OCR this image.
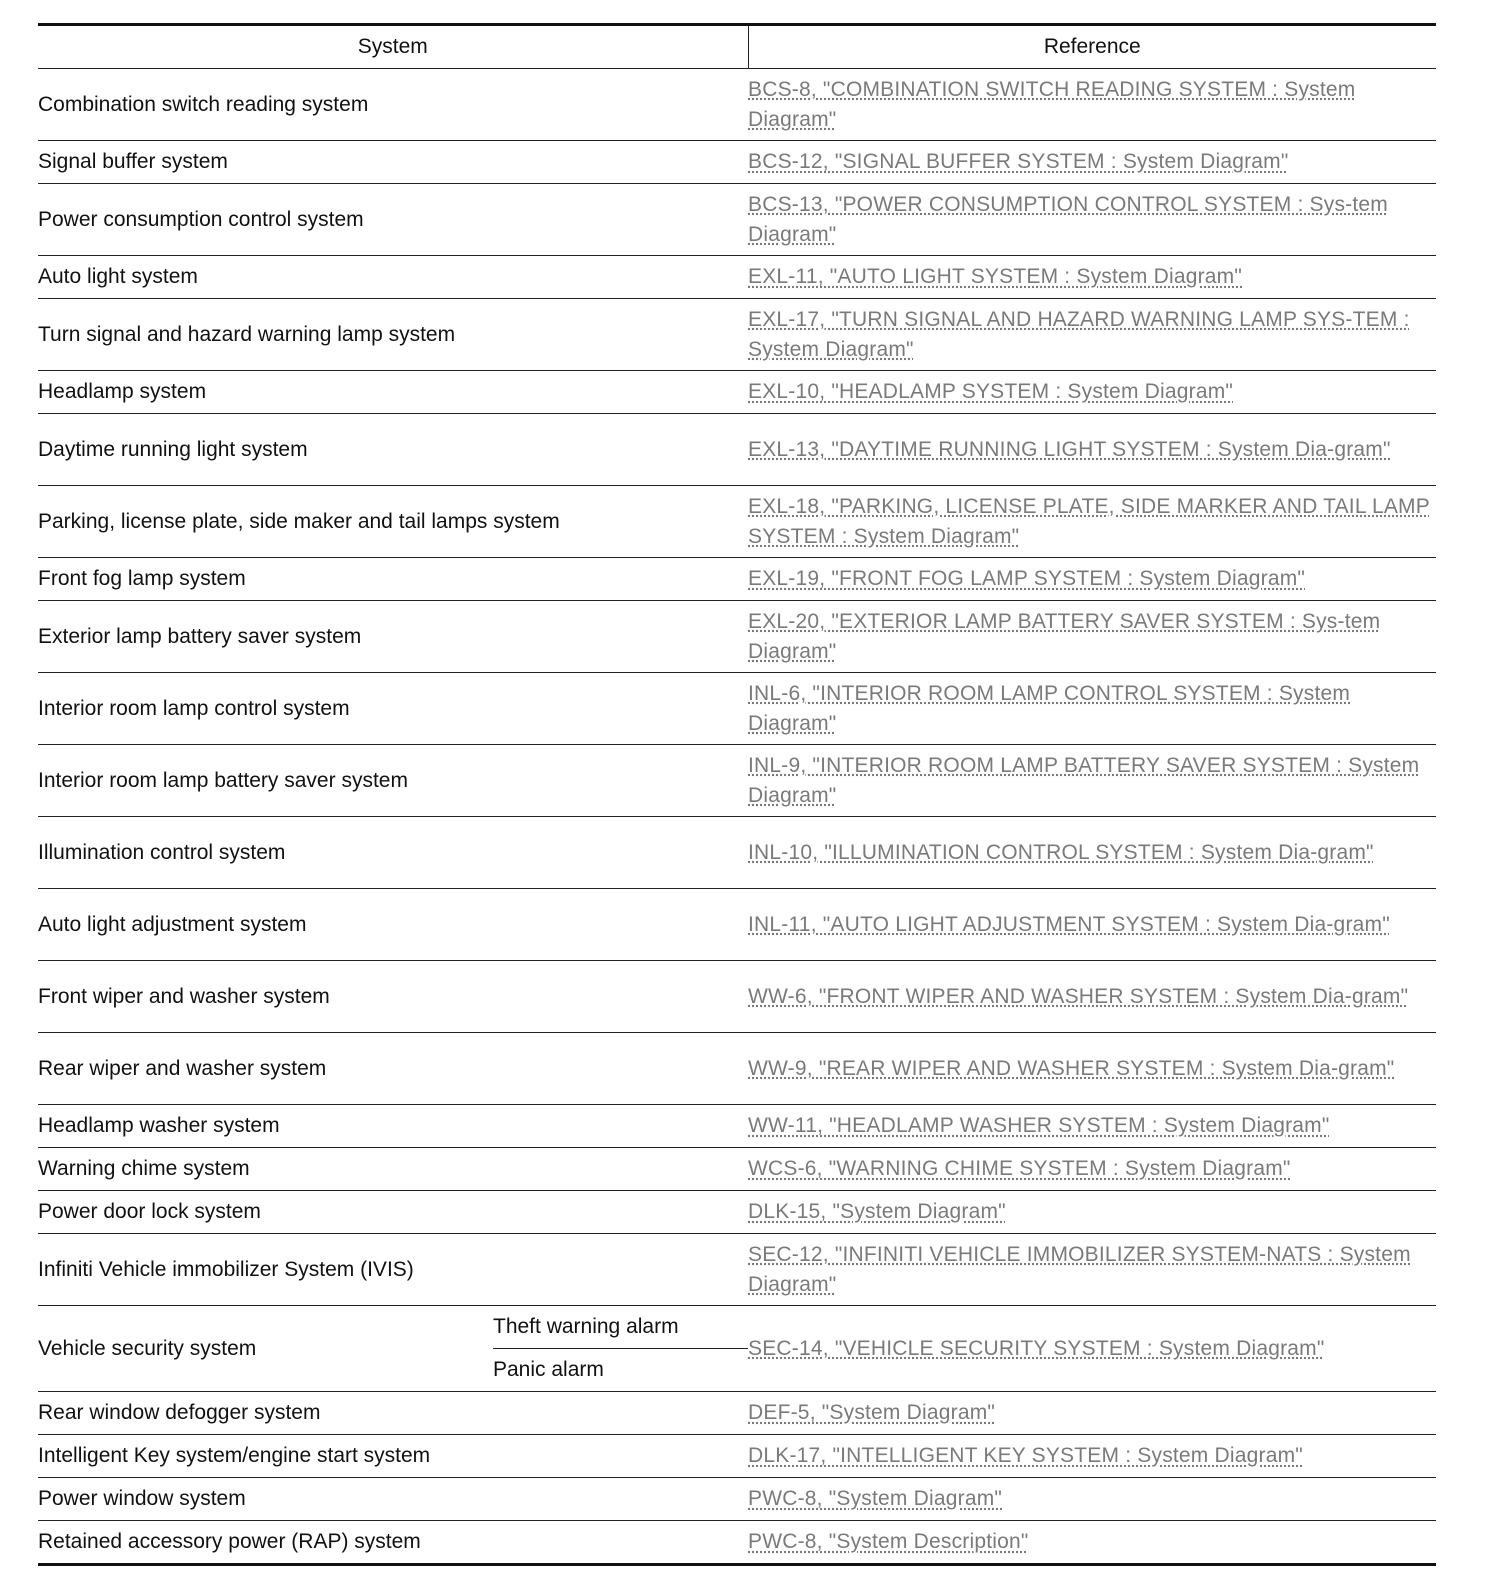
System		Reference
Combination switch reading system		BCS-8, "COMBINATION SWITCH READING SYSTEM : System Diagram"
Signal buffer system		BCS-12, "SIGNAL BUFFER SYSTEM : System Diagram"
Power consumption control system		BCS-13, "POWER CONSUMPTION CONTROL SYSTEM : Sys-tem Diagram"
Auto light system		EXL-11, "AUTO LIGHT SYSTEM : System Diagram"
Turn signal and hazard warning lamp system		EXL-17, "TURN SIGNAL AND HAZARD WARNING LAMP SYS-TEM : System Diagram"
Headlamp system		EXL-10, "HEADLAMP SYSTEM : System Diagram"
Daytime running light system		EXL-13, "DAYTIME RUNNING LIGHT SYSTEM : System Dia-gram"
Parking, license plate, side maker and tail lamps system		EXL-18, "PARKING, LICENSE PLATE, SIDE MARKER AND TAIL LAMP SYSTEM : System Diagram"
Front fog lamp system		EXL-19, "FRONT FOG LAMP SYSTEM : System Diagram"
Exterior lamp battery saver system		EXL-20, "EXTERIOR LAMP BATTERY SAVER SYSTEM : Sys-tem Diagram"
Interior room lamp control system		INL-6, "INTERIOR ROOM LAMP CONTROL SYSTEM : System Diagram"
Interior room lamp battery saver system		INL-9, "INTERIOR ROOM LAMP BATTERY SAVER SYSTEM : System Diagram"
Illumination control system		INL-10, "ILLUMINATION CONTROL SYSTEM : System Dia-gram"
Auto light adjustment system		INL-11, "AUTO LIGHT ADJUSTMENT SYSTEM : System Dia-gram"
Front wiper and washer system		WW-6, "FRONT WIPER AND WASHER SYSTEM : System Dia-gram"
Rear wiper and washer system		WW-9, "REAR WIPER AND WASHER SYSTEM : System Dia-gram"
Headlamp washer system		WW-11, "HEADLAMP WASHER SYSTEM : System Diagram"
Warning chime system		WCS-6, "WARNING CHIME SYSTEM : System Diagram"
Power door lock system		DLK-15, "System Diagram"
Infiniti Vehicle immobilizer System (IVIS)		SEC-12, "INFINITI VEHICLE IMMOBILIZER SYSTEM-NATS : System Diagram"
Vehicle security system	Theft warning alarm	SEC-14, "VEHICLE SECURITY SYSTEM : System Diagram"
	Panic alarm	
Rear window defogger system		DEF-5, "System Diagram"
Intelligent Key system/engine start system		DLK-17, "INTELLIGENT KEY SYSTEM : System Diagram"
Power window system		PWC-8, "System Diagram"
Retained accessory power (RAP) system		PWC-8, "System Description"
